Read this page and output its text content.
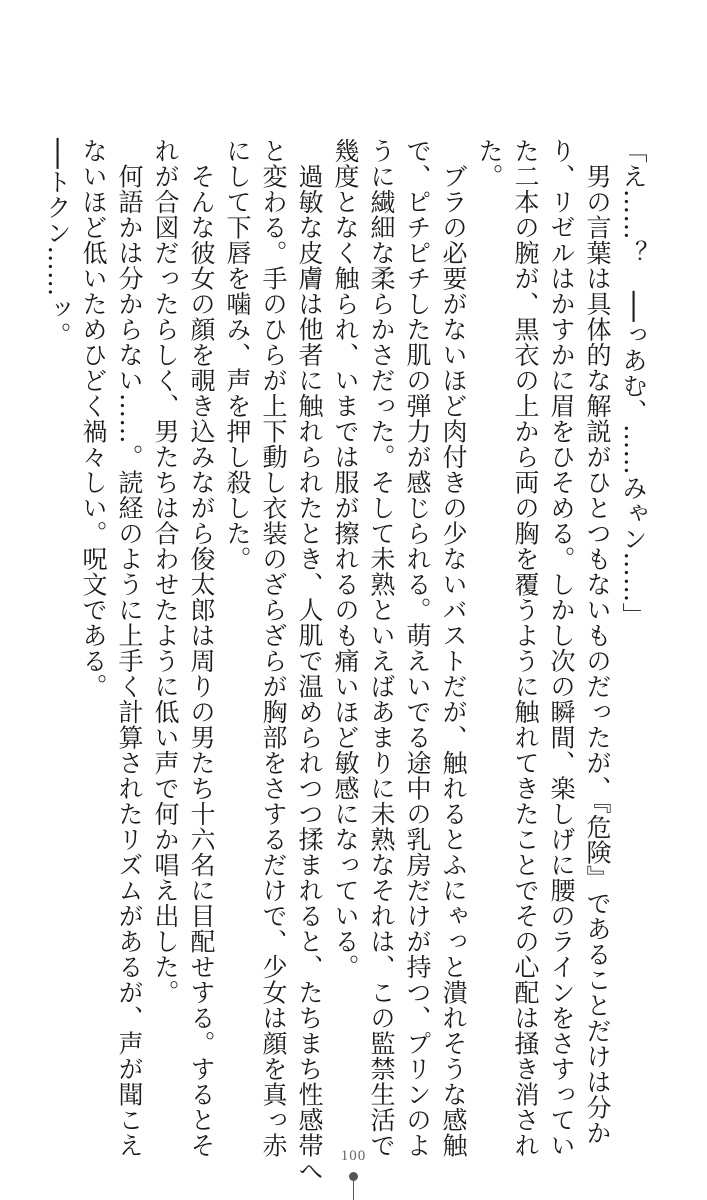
「え……？　──っあむ、……みゃン……」
　男の言葉は具体的な解説がひとつもないものだったが、『危険』であることだけは分か
り、リゼルはかすかに眉をひそめる。しかし次の瞬間、楽しげに腰のラインをさすってい
た二本の腕が、黒衣の上から両の胸を覆うように触れてきたことでその心配は掻き消され
た。
　ブラの必要がないほど肉付きの少ないバストだが、触れるとふにゃっと潰れそうな感触
で、ピチピチした肌の弾力が感じられる。萌えいでる途中の乳房だけが持つ、プリンのよ
うに繊細な柔らかさだった。そして未熟といえばあまりに未熟なそれは、この監禁生活で
幾度となく触られ、いまでは服が擦れるのも痛いほど敏感になっている。
　過敏な皮膚は他者に触れられたとき、人肌で温められつつ揉まれると、たちまち性感帯へ
と変わる。手のひらが上下動し衣装のざらざらが胸部をさするだけで、少女は顔を真っ赤
にして下唇を噛み、声を押し殺した。
　そんな彼女の顔を覗き込みながら俊太郎は周りの男たち十六名に目配せする。するとそ
れが合図だったらしく、男たちは合わせたように低い声で何か唱え出した。
　何語かは分からない……。読経のように上手く計算されたリズムがあるが、声が聞こえ
ないほど低いためひどく禍々しい。呪文である。
──トクン……ッ。
100
